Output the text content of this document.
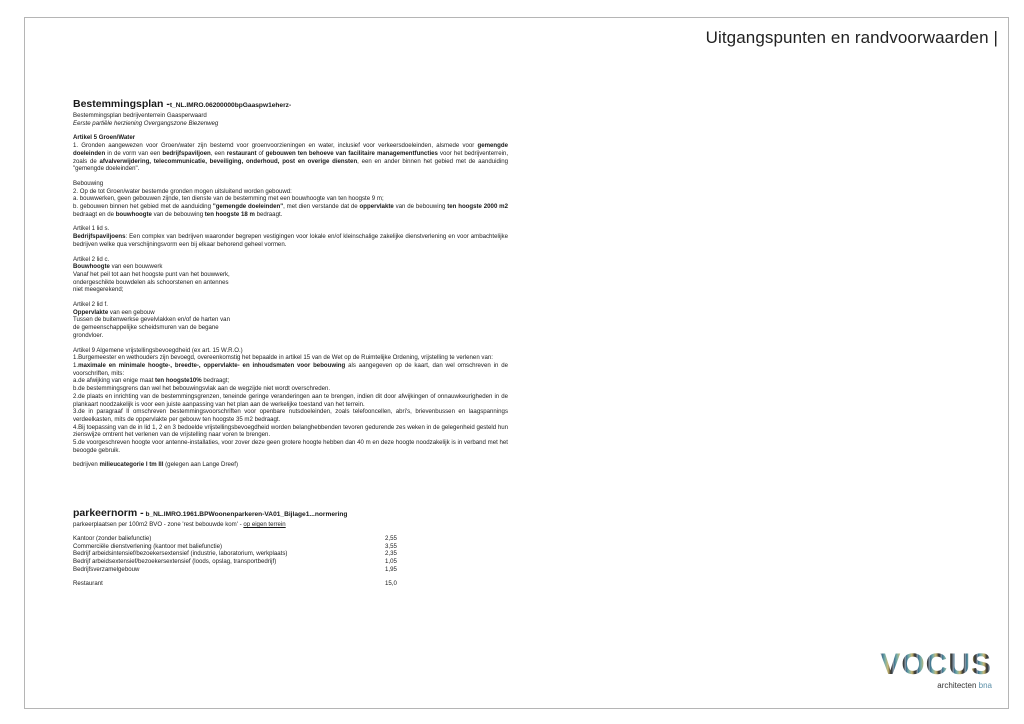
Uitgangspunten en randvoorwaarden |

Bestemmingsplan -t_NL.IMRO.06200000bpGaaspw1eherz-

Bestemmingsplan bedrijventerrein Gaasperwaard

Eerste partiële herziening Overgangszone Biezenweg

Artikel 5 Groen/Water

1. Gronden aangewezen voor Groen/water zijn bestemd voor groenvoorzieningen en water, inclusief voor verkeersdoeleinden, alsmede voor gemengde doeleinden in de vorm van een bedrijfspaviljoen, een restaurant of gebouwen ten behoeve van facilitaire managementfuncties voor het bedrijventerrein, zoals de afvalverwijdering, telecommunicatie, beveiliging, onderhoud, post en overige diensten, een en ander binnen het gebied met de aanduiding "gemengde doeleinden".

Bebouwing

2. Op de tot Groen/water bestemde gronden mogen uitsluitend worden gebouwd:

a. bouwwerken, geen gebouwen zijnde, ten dienste van de bestemming met een bouwhoogte van ten hoogste 9 m;

b. gebouwen binnen het gebied met de aanduiding "gemengde doeleinden", met dien verstande dat de oppervlakte van de bebouwing ten hoogste 2000 m2 bedraagt en de bouwhoogte van de bebouwing ten hoogste 18 m bedraagt.

Artikel 1 lid s.

Bedrijfspaviljoens: Een complex van bedrijven waaronder begrepen vestigingen voor lokale en/of kleinschalige zakelijke dienstverlening en voor ambachtelijke bedrijven welke qua verschijningsvorm een bij elkaar behorend geheel vormen.

Artikel 2 lid c.

Bouwhoogte van een bouwwerk

Vanaf het peil tot aan het hoogste punt van het bouwwerk,

ondergeschikte bouwdelen als schoorstenen en antennes

niet meegerekend;

Artikel 2 lid f.

Oppervlakte van een gebouw

Tussen de buitenwerkse gevelvlakken en/of de harten van

de gemeenschappelijke scheidsmuren van de begane

grondvloer.

Artikel 9 Algemene vrijstellingsbevoegdheid (ex art. 15 W.R.O.)

1.Burgemeester en wethouders zijn bevoegd, overeenkomstig het bepaalde in artikel 15 van de Wet op de Ruimtelijke Ordening, vrijstelling te verlenen van:

1.maximale en minimale hoogte-, breedte-, oppervlakte- en inhoudsmaten voor bebouwing als aangegeven op de kaart, dan wel omschreven in de voorschriften, mits:

a.de afwijking van enige maat ten hoogste10% bedraagt;

b.de bestemmingsgrens dan wel het bebouwingsvlak aan de wegzijde niet wordt overschreden.

2.de plaats en inrichting van de bestemmingsgrenzen, teneinde geringe veranderingen aan te brengen, indien dit door afwijkingen of onnauwkeurigheden in de plankaart noodzakelijk is voor een juiste aanpassing van het plan aan de werkelijke toestand van het terrein.

3.de in paragraaf II omschreven bestemmingsvoorschriften voor openbare nutsdoeleinden, zoals telefooncellen, abri's, brievenbussen en laagspannings verdeelkasten, mits de oppervlakte per gebouw ten hoogste 35 m2 bedraagt.

4.Bij toepassing van de in lid 1, 2 en 3 bedoelde vrijstellingsbevoegdheid worden belanghebbenden tevoren gedurende zes weken in de gelegenheid gesteld hun zienswijze omtrent het verlenen van de vrijstelling naar voren te brengen.

5.de voorgeschreven hoogte voor antenne-installaties, voor zover deze geen grotere hoogte hebben dan 40 m en deze hoogte noodzakelijk is in verband met het beoogde gebruik.

bedrijven milieucategorie I tm III (gelegen aan Lange Dreef)

parkeernorm - b_NL.IMRO.1961.BPWoonenparkeren-VA01_Bijlage1...normering

parkeerplaatsen per 100m2 BVO - zone 'rest bebouwde kom' - op eigen terrein

Kantoor (zonder baliefunctie)	2,55
Commerciële dienstverlening (kantoor met baliefunctie)	3,55
Bedrijf arbeidsintensief/bezoekersextensief (industrie, laboratorium, werkplaats)	2,35
Bedrijf arbeidsextensief/bezoekersextensief (loods, opslag, transportbedrijf)	1,05
Bedrijfsverzamelgebouw	1,95

Restaurant	15,0
VOCUS
architecten bna
